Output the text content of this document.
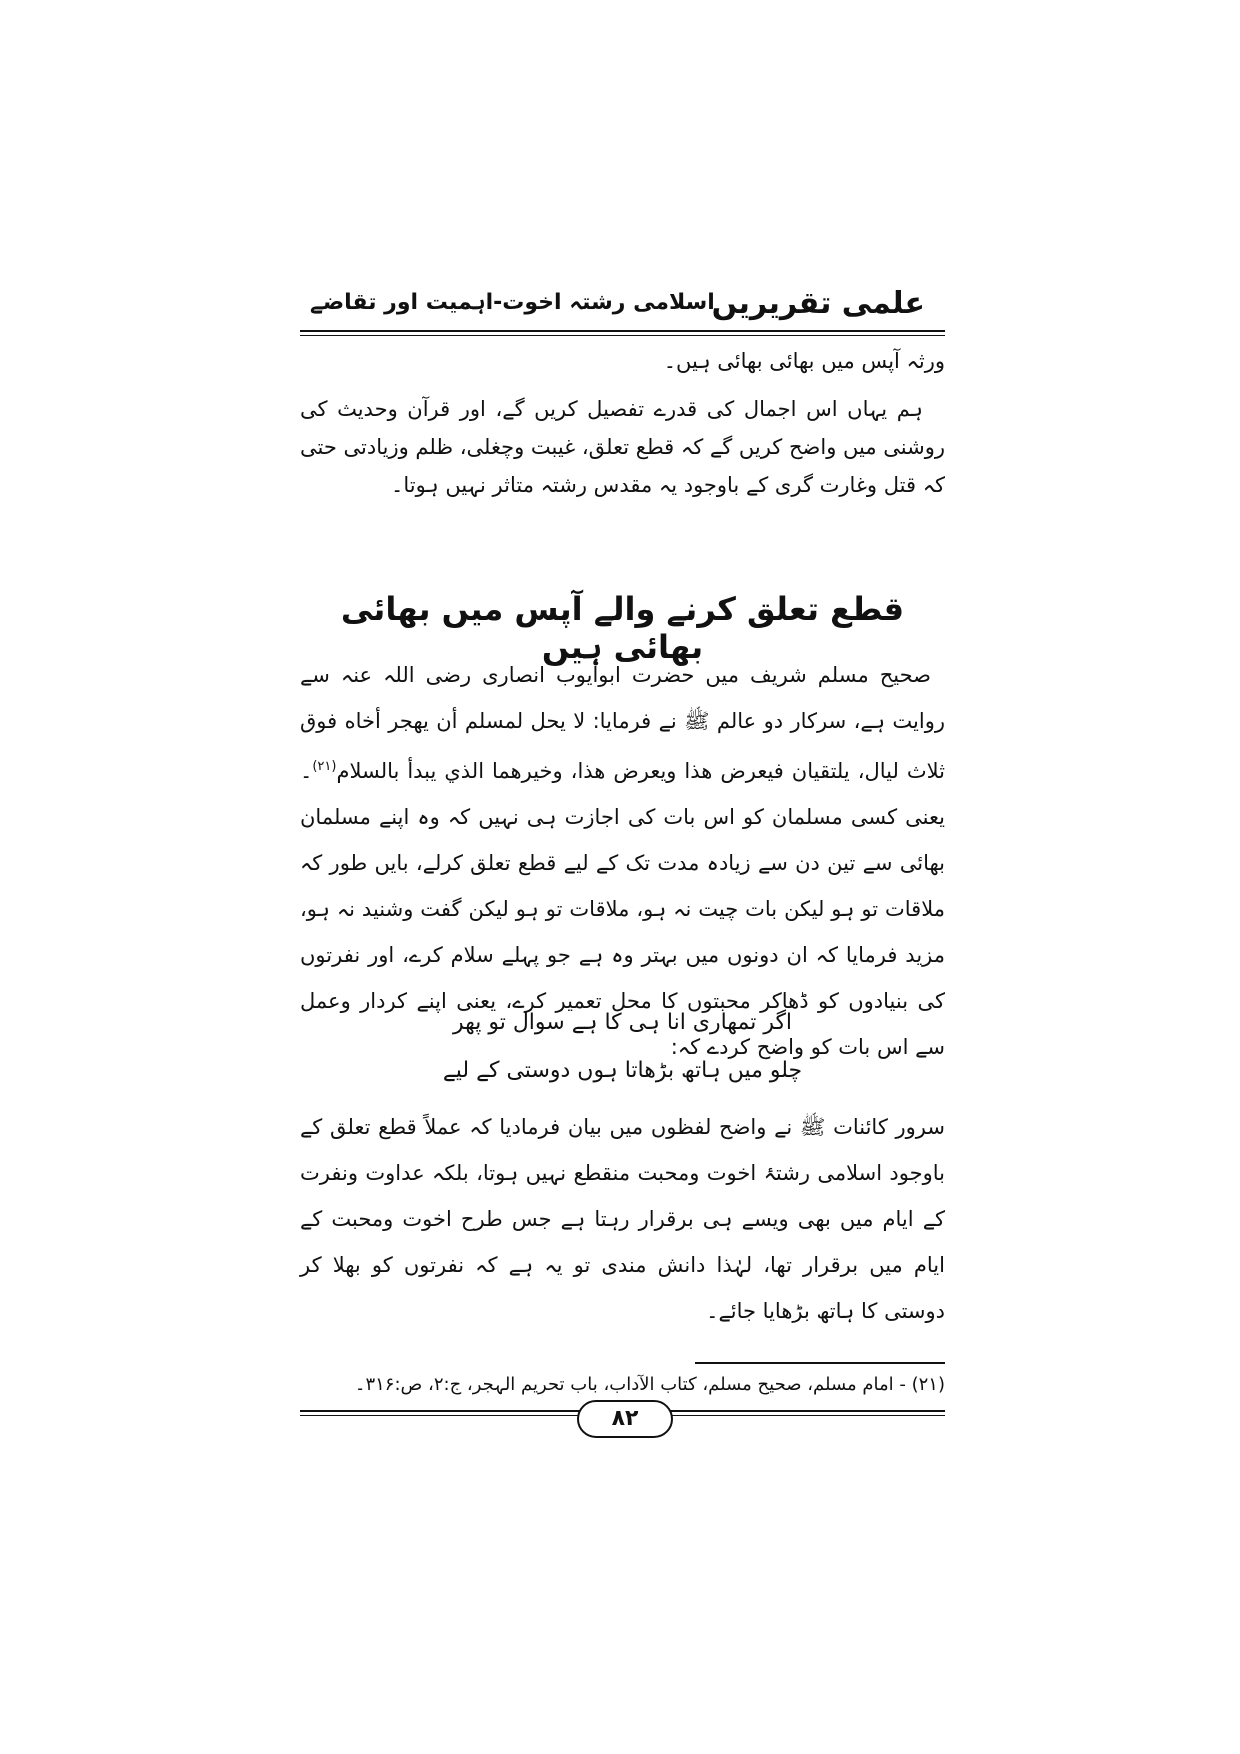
علمی تقریریں
اسلامی رشتہ اخوت-اہمیت اور تقاضے
ورثہ آپس میں بھائی بھائی ہیں۔
ہم یہاں اس اجمال کی قدرے تفصیل کریں گے، اور قرآن وحدیث کی روشنی میں واضح کریں گے کہ قطع تعلق، غیبت وچغلی، ظلم وزیادتی حتی کہ قتل وغارت گری کے باوجود یہ مقدس رشتہ متاثر نہیں ہوتا۔
قطع تعلق کرنے والے آپس میں بھائی بھائی ہیں
صحیح مسلم شریف میں حضرت ابوایوب انصاری رضی اللہ عنہ سے روایت ہے، سرکار دو عالم ﷺ نے فرمایا: لا يحل لمسلم أن يهجر أخاه فوق ثلاث ليال، يلتقيان فيعرض هذا ويعرض هذا، وخيرهما الذي يبدأ بالسلام$^{(۲۱)}$۔ یعنی کسی مسلمان کو اس بات کی اجازت ہی نہیں کہ وہ اپنے مسلمان بھائی سے تین دن سے زیادہ مدت تک کے لیے قطع تعلق کرلے، بایں طور کہ ملاقات تو ہو لیکن بات چیت نہ ہو، ملاقات تو ہو لیکن گفت وشنید نہ ہو، مزید فرمایا کہ ان دونوں میں بہتر وہ ہے جو پہلے سلام کرے، اور نفرتوں کی بنیادوں کو ڈھاکر محبتوں کا محل تعمیر کرے، یعنی اپنے کردار وعمل سے اس بات کو واضح کردے کہ:
اگر تمھاری انا ہی کا ہے سوال تو پھر
چلو میں ہاتھ بڑھاتا ہوں دوستی کے لیے
سرور کائنات ﷺ نے واضح لفظوں میں بیان فرمادیا کہ عملاً قطع تعلق کے باوجود اسلامی رشتۂ اخوت ومحبت منقطع نہیں ہوتا، بلکہ عداوت ونفرت کے ایام میں بھی ویسے ہی برقرار رہتا ہے جس طرح اخوت ومحبت کے ایام میں برقرار تھا، لہٰذا دانش مندی تو یہ ہے کہ نفرتوں کو بھلا کر دوستی کا ہاتھ بڑھایا جائے۔
(۲۱) - امام مسلم، صحیح مسلم، کتاب الآداب، باب تحریم الہجر، ج:۲، ص:۳۱۶۔
۸۲
